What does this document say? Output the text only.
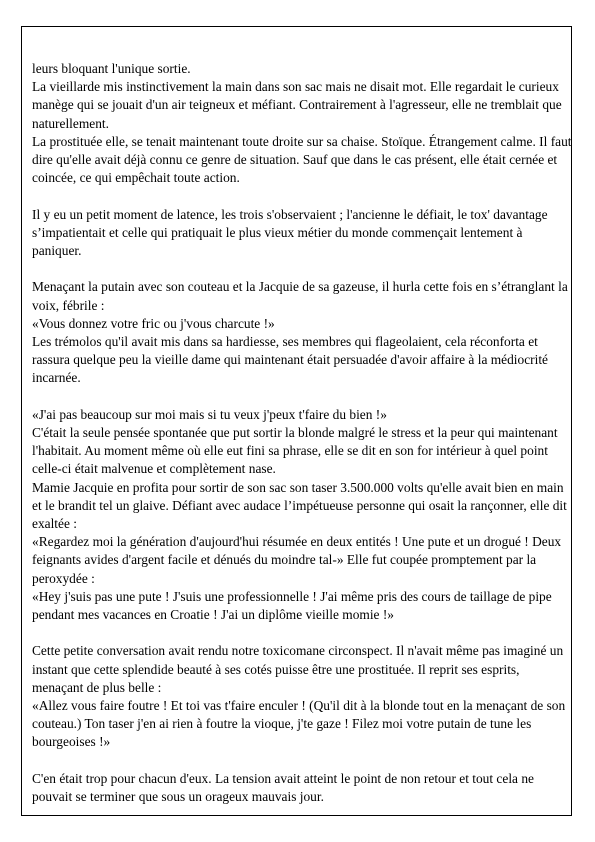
leurs bloquant l'unique sortie.

La vieillarde mis instinctivement la main dans son sac mais ne disait mot. Elle regardait le curieux manège qui se jouait d'un air teigneux et méfiant. Contrairement à l'agresseur, elle ne tremblait que naturellement.

La prostituée elle, se tenait maintenant toute droite sur sa chaise. Stoïque. Étrangement calme. Il faut dire qu'elle avait déjà connu ce genre de situation. Sauf que dans le cas présent, elle était cernée et coincée, ce qui empêchait toute action.

Il y eu un petit moment de latence, les trois s'observaient ; l'ancienne le défiait, le tox' davantage s’impatientait et celle qui pratiquait le plus vieux métier du monde commençait lentement à paniquer.

Menaçant la putain avec son couteau et la Jacquie de sa gazeuse, il hurla cette fois en s’étranglant la voix, fébrile :

«Vous donnez votre fric ou j'vous charcute !»

Les trémolos qu'il avait mis dans sa hardiesse, ses membres qui flageolaient, cela réconforta et rassura quelque peu la vieille dame qui maintenant était persuadée d'avoir affaire à la médiocrité incarnée.

«J'ai pas beaucoup sur moi mais si tu veux j'peux t'faire du bien !»

C'était la seule pensée spontanée que put sortir la blonde malgré le stress et la peur qui maintenant l'habitait. Au moment même où elle eut fini sa phrase, elle se dit en son for intérieur à quel point celle-ci était malvenue et complètement nase.

Mamie Jacquie en profita pour sortir de son sac son taser 3.500.000 volts qu'elle avait bien en main et le brandit tel un glaive. Défiant avec audace l’impétueuse personne qui osait la rançonner, elle dit exaltée :

«Regardez moi la génération d'aujourd'hui résumée en deux entités ! Une pute et un drogué ! Deux feignants avides d'argent facile et dénués du moindre tal-» Elle fut coupée promptement par la peroxydée :

«Hey j'suis pas une pute ! J'suis une professionnelle ! J'ai même pris des cours de taillage de pipe pendant mes vacances en Croatie ! J'ai un diplôme vieille momie !»

Cette petite conversation avait rendu notre toxicomane circonspect. Il n'avait même pas imaginé un instant que cette splendide beauté à ses cotés puisse être une prostituée. Il reprit ses esprits, menaçant de plus belle :

«Allez vous faire foutre ! Et toi vas t'faire enculer ! (Qu'il dit à la blonde tout en la menaçant de son couteau.) Ton taser j'en ai rien à foutre la vioque, j'te gaze ! Filez moi votre putain de tune les bourgeoises !»

C'en était trop pour chacun d'eux. La tension avait atteint le point de non retour et tout cela ne pouvait se terminer que sous un orageux mauvais jour.
